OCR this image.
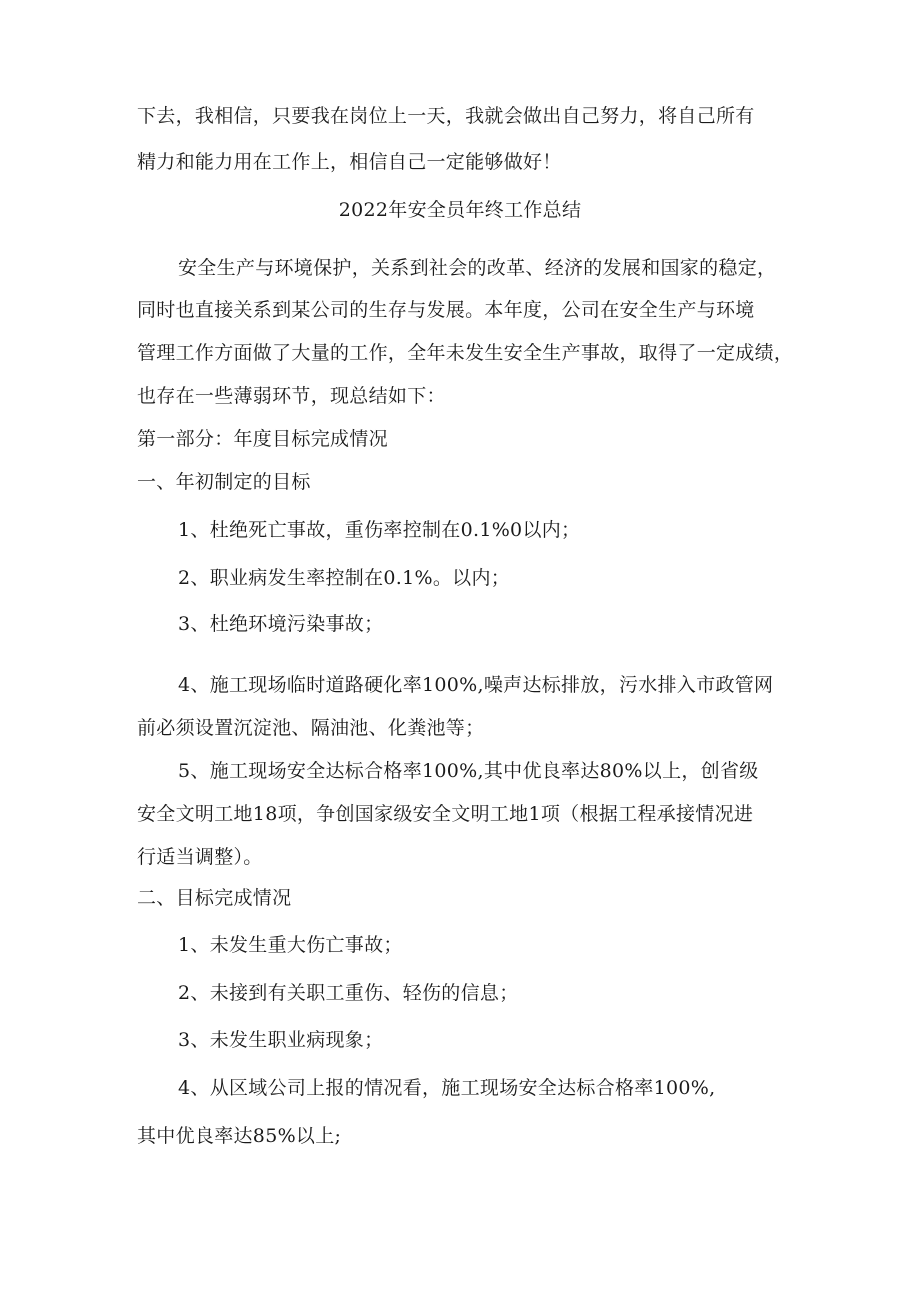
下去，我相信，只要我在岗位上一天，我就会做出自己努力，将自己所有
精力和能力用在工作上，相信自己一定能够做好！
2022年安全员年终工作总结
安全生产与环境保护，关系到社会的改革、经济的发展和国家的稳定，
同时也直接关系到某公司的生存与发展。本年度，公司在安全生产与环境
管理工作方面做了大量的工作，全年未发生安全生产事故，取得了一定成绩，
也存在一些薄弱环节，现总结如下：
第一部分：年度目标完成情况
一、年初制定的目标
1、杜绝死亡事故，重伤率控制在0.1%0以内；
2、职业病发生率控制在0.1%。以内；
3、杜绝环境污染事故；
4、施工现场临时道路硬化率100%,噪声达标排放，污水排入市政管网
前必须设置沉淀池、隔油池、化粪池等；
5、施工现场安全达标合格率100%,其中优良率达80%以上，创省级
安全文明工地18项，争创国家级安全文明工地1项（根据工程承接情况进
行适当调整）。
二、目标完成情况
1、未发生重大伤亡事故；
2、未接到有关职工重伤、轻伤的信息；
3、未发生职业病现象；
4、从区域公司上报的情况看，施工现场安全达标合格率100%,
其中优良率达85%以上;
